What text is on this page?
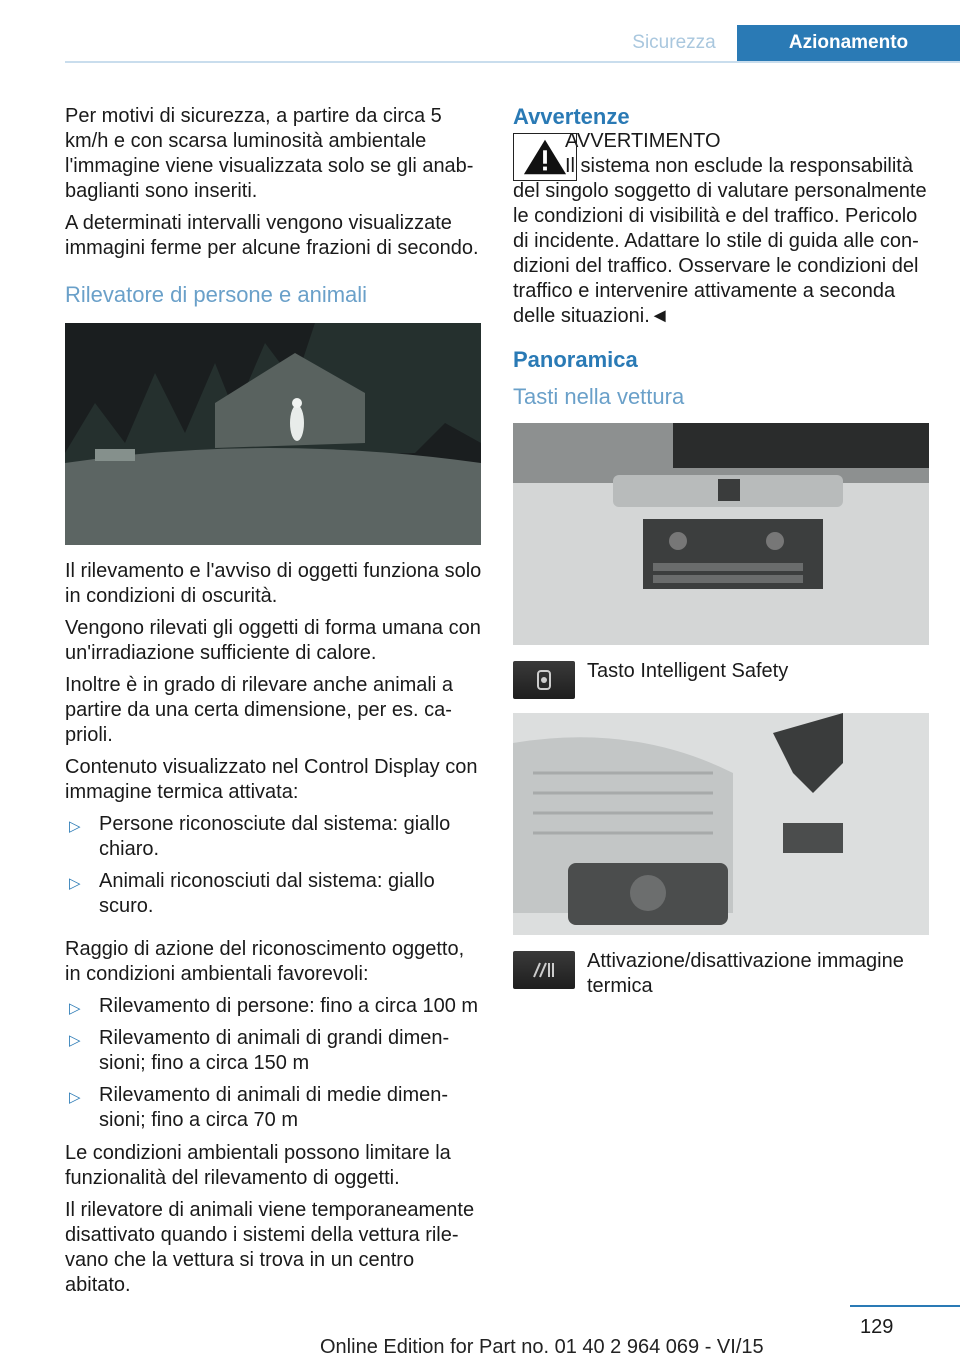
Sicurezza	Azionamento

Per motivi di sicurezza, a partire da circa 5 km/h e con scarsa luminosità ambientale l'immagine viene visualizzata solo se gli anab‐ baglianti sono inseriti.

A determinati intervalli vengono visualizzate immagini ferme per alcune frazioni di secondo.

Rilevatore di persone e animali

Il rilevamento e l'avviso di oggetti funziona solo in condizioni di oscurità.

Vengono rilevati gli oggetti di forma umana con un'irradiazione sufficiente di calore.

Inoltre è in grado di rilevare anche animali a partire da una certa dimensione, per es. ca‐ prioli.

Contenuto visualizzato nel Control Display con immagine termica attivata:

▷ Persone riconosciute dal sistema: giallo chiaro.
▷ Animali riconosciuti dal sistema: giallo scuro.

Raggio di azione del riconoscimento oggetto, in condizioni ambientali favorevoli:

▷ Rilevamento di persone: fino a circa 100 m
▷ Rilevamento di animali di grandi dimen‐ sioni; fino a circa 150 m
▷ Rilevamento di animali di medie dimen‐ sioni; fino a circa 70 m

Le condizioni ambientali possono limitare la funzionalità del rilevamento di oggetti.

Il rilevatore di animali viene temporaneamente disattivato quando i sistemi della vettura rile‐ vano che la vettura si trova in un centro abitato.

Avvertenze

AVVERTIMENTO

Il sistema non esclude la responsabilità del singolo soggetto di valutare personalmente le condizioni di visibilità e del traffico. Pericolo di incidente. Adattare lo stile di guida alle con‐ dizioni del traffico. Osservare le condizioni del traffico e intervenire attivamente a seconda delle situazioni.◄

Panoramica
Tasti nella vettura
Tasto Intelligent Safety
Attivazione/disattivazione immagine termica
129
Online Edition for Part no. 01 40 2 964 069 - VI/15
